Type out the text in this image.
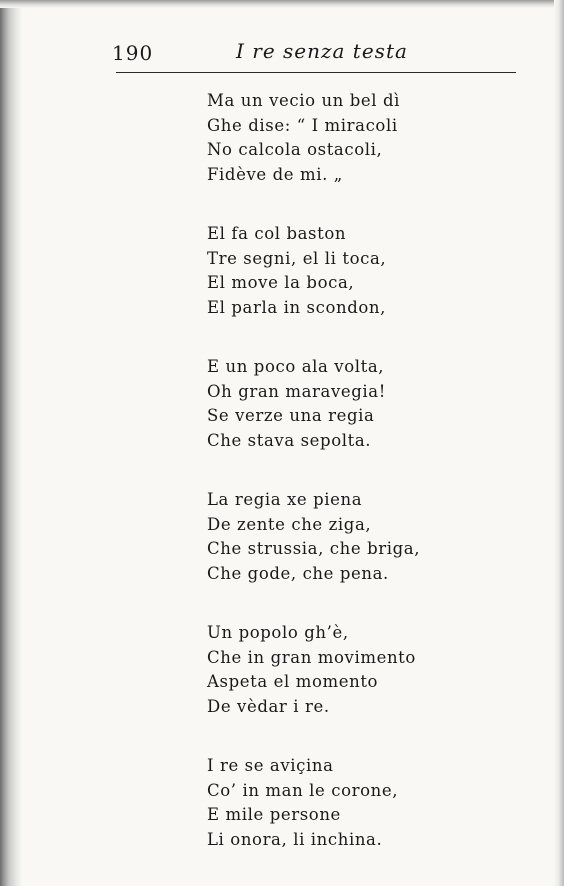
190	I re senza testa
Ma un vecio un bel dì
Ghe dise: “ I miracoli
No calcola ostacoli,
Fidève de mi. „
El fa col baston
Tre segni, el li toca,
El move la boca,
El parla in scondon,
E un poco ala volta,
Oh gran maravegia!
Se verze una regia
Che stava sepolta.
La regia xe piena
De zente che ziga,
Che strussia, che briga,
Che gode, che pena.
Un popolo gh’è,
Che in gran movimento
Aspeta el momento
De vèdar i re.
I re se aviçina
Co’ in man le corone,
E mile persone
Li onora, li inchina.
